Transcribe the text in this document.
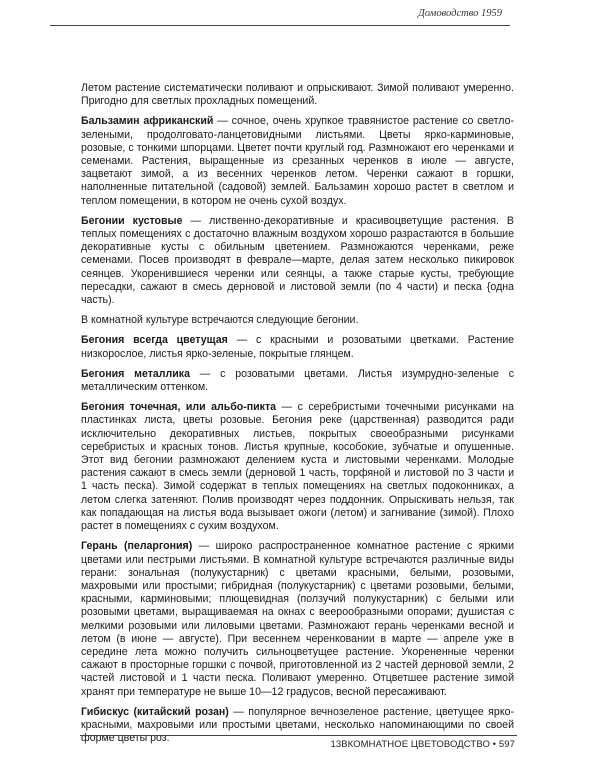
Домоводство 1959

Летом растение систематически поливают и опрыскивают. Зимой поливают умеренно. Пригодно для светлых прохладных помещений.

Бальзамин африканский — сочное, очень хрупкое травянистое растение со светло-зелеными, продолговато-ланцетовидными листьями. Цветы ярко-карминовые, розовые, с тонкими шпорцами. Цветет почти круглый год. Размножают его черенками и семенами. Растения, выращенные из срезанных черенков в июле — августе, зацветают зимой, а из весенних черенков летом. Черенки сажают в горшки, наполненные питательной (садовой) землей. Бальзамин хорошо растет в светлом и теплом помещении, в котором не очень сухой воздух.

Бегонии кустовые — лиственно-декоративные и красивоцветущие растения. В теплых помещениях с достаточно влажным воздухом хорошо разрастаются в большие декоративные кусты с обильным цветением. Размножаются черенками, реже семенами. Посев производят в феврале—марте, делая затем несколько пикировок сеянцев. Укоренившиеся черенки или сеянцы, а также старые кусты, требующие пересадки, сажают в смесь дерновой и листовой земли (по 4 части) и песка {одна часть).

В комнатной культуре встречаются следующие бегонии.

Бегония всегда цветущая — с красными и розоватыми цветками. Растение низкорослое, листья ярко-зеленые, покрытые глянцем.

Бегония металлика — с розоватыми цветами. Листья изумрудно-зеленые с металлическим оттенком.

Бегония точечная, или альбо-пикта — с серебристыми точечными рисунками на пластинках листа, цветы розовые. Бегония реке (царственная) разводится ради исключительно декоративных листьев, покрытых своеобразными рисунками серебристых и красных тонов. Листья крупные, кособокие, зубчатые и опушенные. Этот вид бегонии размножают делением куста и листовыми черенками. Молодые растения сажают в смесь земли (дерновой 1 часть, торфяной и листовой по 3 части и 1 часть песка). Зимой содержат в теплых помещениях на светлых подоконниках, а летом слегка затеняют. Полив производят через поддонник. Опрыскивать нельзя, так как попадающая на листья вода вызывает ожоги (летом) и загнивание (зимой). Плохо растет в помещениях с сухим воздухом.

Герань (пеларгония) — широко распространенное комнатное растение с яркими цветами или пестрыми листьями. В комнатной культуре встречаются различные виды герани: зональная (полукустарник) с цветами красными, белыми, розовыми, махровыми или простыми; гибридная (полукустарник) с цветами розовыми, белыми, красными, карминовыми; плющевидная (ползучий полукустарник) с белыми или розовыми цветами, выращиваемая на окнах с веерообразными опорами; душистая с мелкими розовыми или лиловыми цветами. Размножают герань черенками весной и летом (в июне — августе). При весеннем черенковании в марте — апреле уже в середине лета можно получить сильноцветущее растение. Укорененные черенки сажают в просторные горшки с почвой, приготовленной из 2 частей дерновой земли, 2 частей листовой и 1 части песка. Поливают умеренно. Отцветшее растение зимой хранят при температуре не выше 10—12 градусов, весной пересаживают.

Гибискус (китайский розан) — популярное вечнозеленое растение, цветущее ярко-красными, махровыми или простыми цветами, несколько напоминающими по своей форме цветы роз.

13ВКОМНАТНОЕ ЦВЕТОВОДСТВО • 597
